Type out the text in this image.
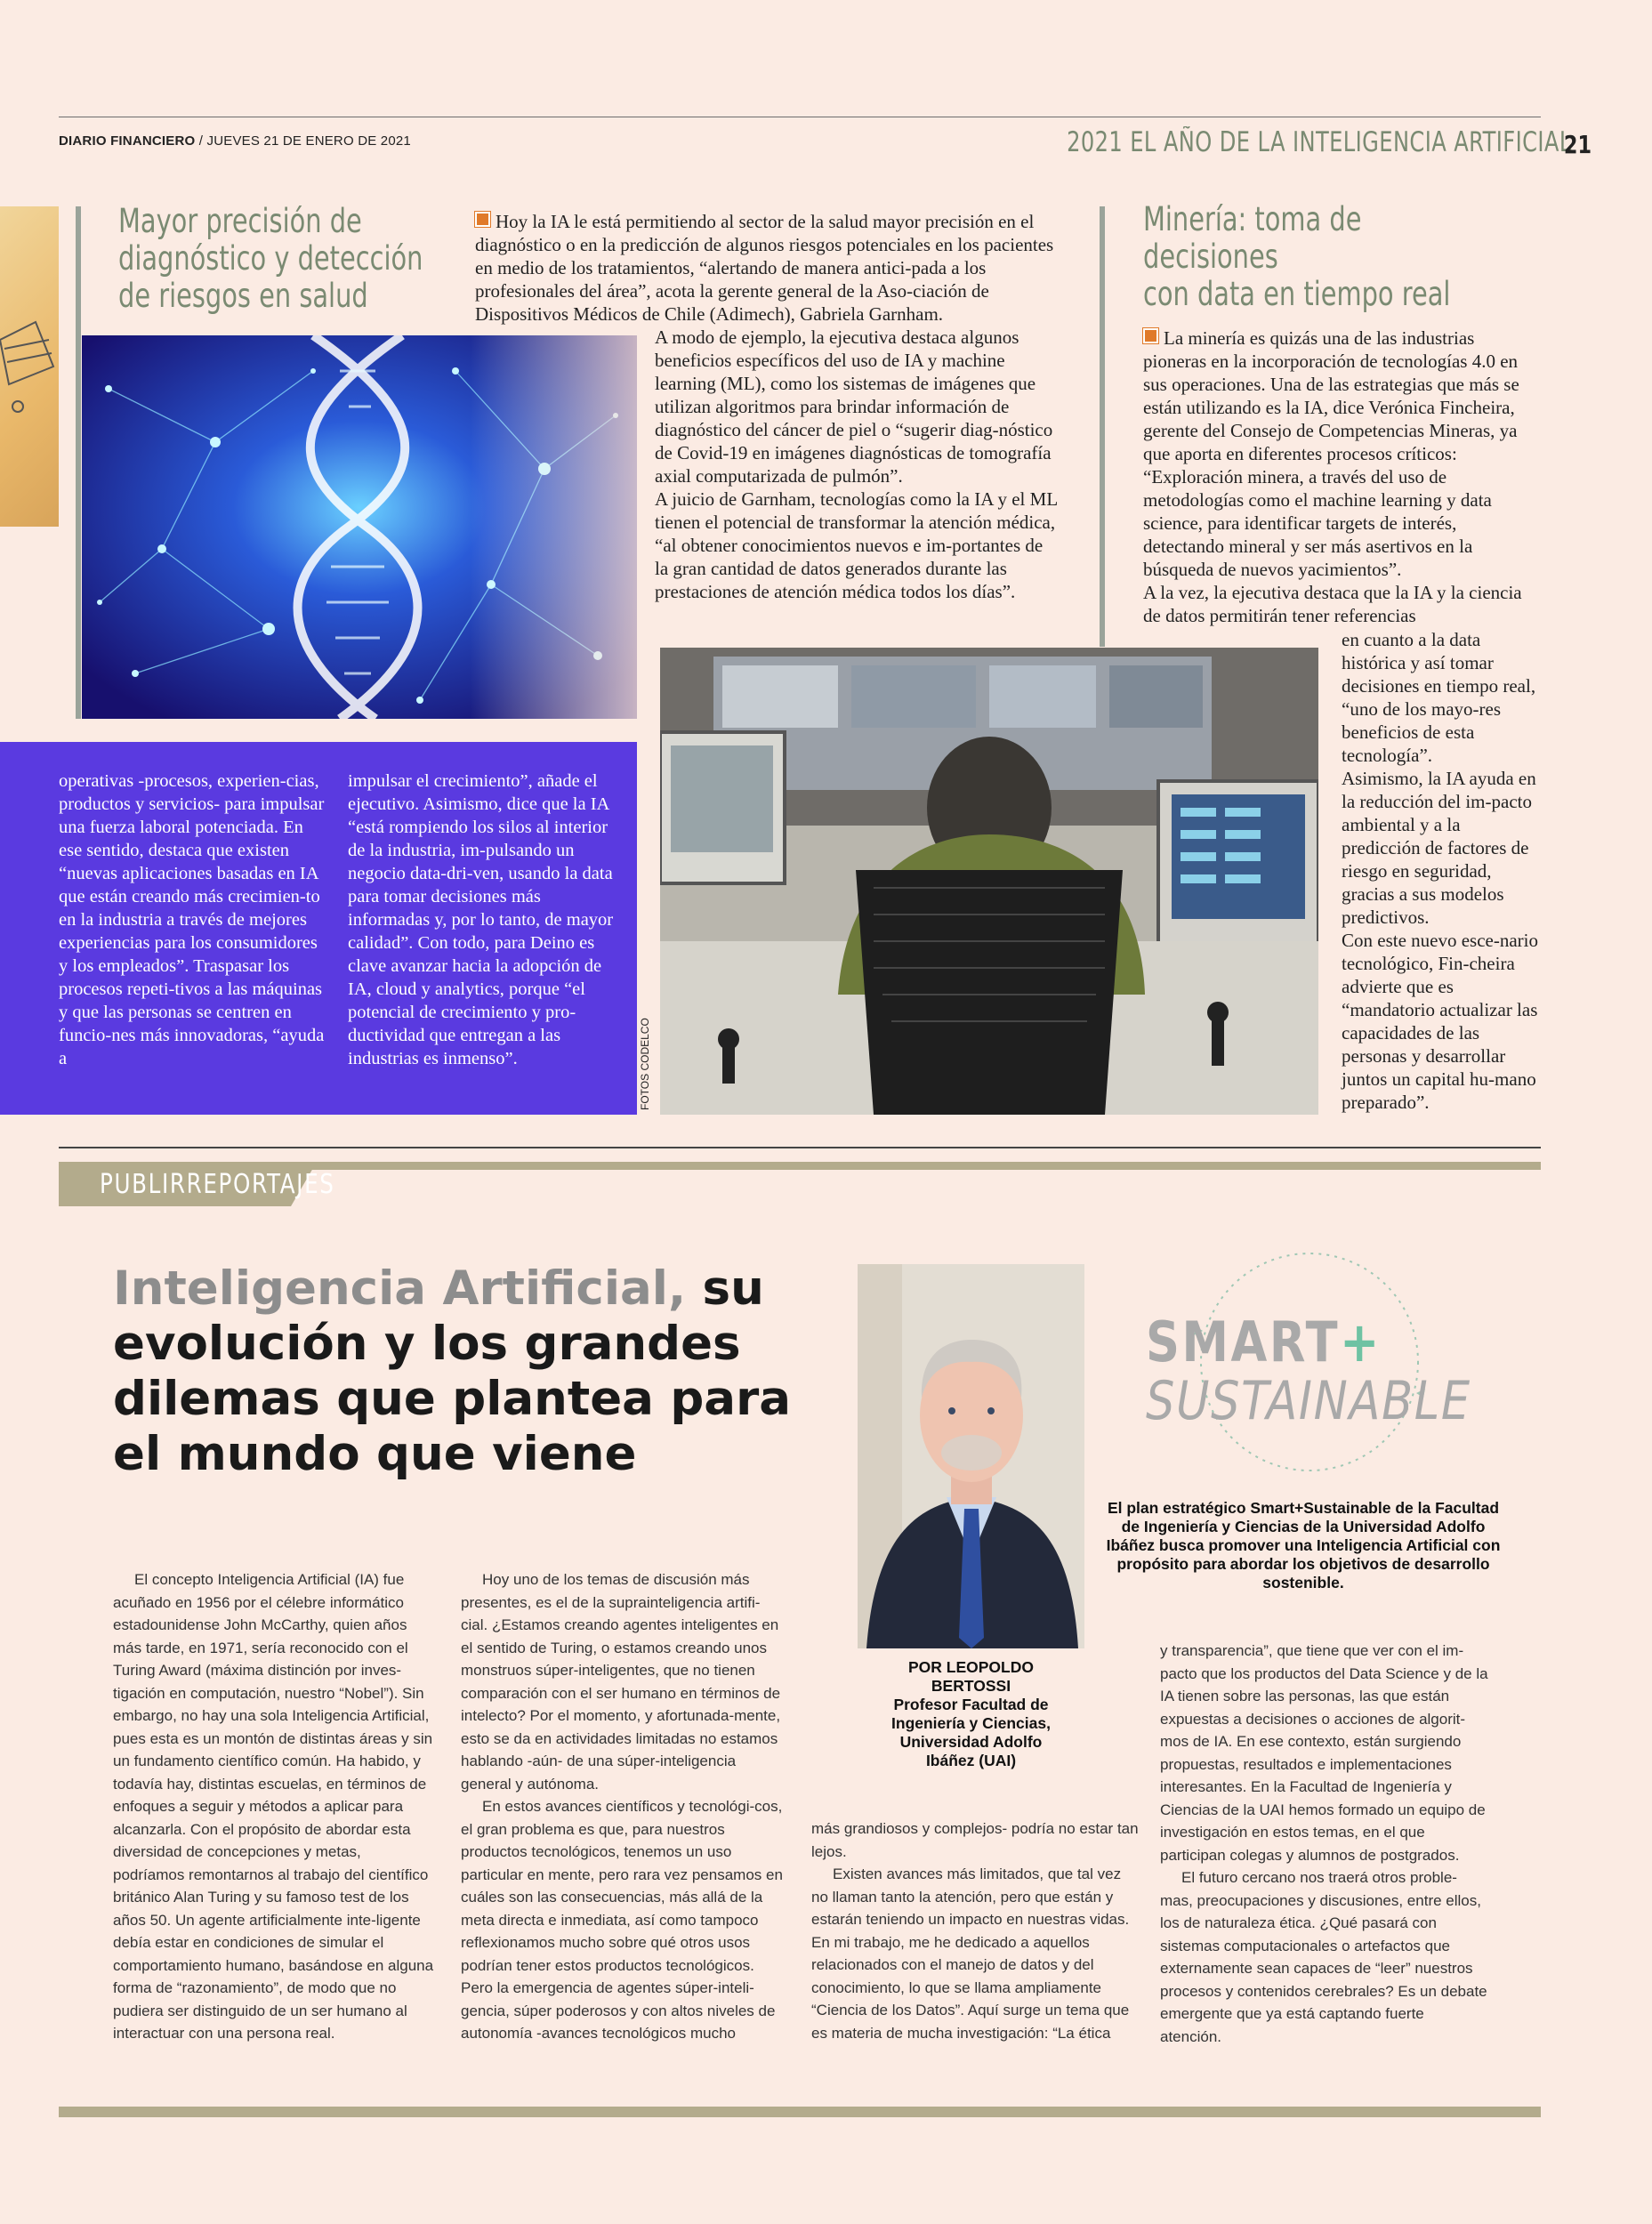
DIARIO FINANCIERO / JUEVES 21 DE ENERO DE 2021	2021 EL AÑO DE LA INTELIGENCIA ARTIFICIAL
21
Mayor precisión de
diagnóstico y detección
de riesgos en salud

Hoy la IA le está permitiendo al sector de la salud mayor precisión en el diagnóstico o en la predicción de algunos riesgos potenciales en los pacientes en medio de los tratamientos, “alertando de manera antici-pada a los profesionales del área”, acota la gerente general de la Aso-ciación de Dispositivos Médicos de Chile (Adimech), Gabriela Garnham.

A modo de ejemplo, la ejecutiva destaca algunos beneficios específicos del uso de IA y machine learning (ML), como los sistemas de imágenes que utilizan algoritmos para brindar información de diagnóstico del cáncer de piel o “sugerir diag-nóstico de Covid-19 en imágenes diagnósticas de tomografía axial computarizada de pulmón”.

A juicio de Garnham, tecnologías como la IA y el ML tienen el potencial de transformar la atención médica, “al obtener conocimientos nuevos e im-portantes de la gran cantidad de datos generados durante las prestaciones de atención médica todos los días”.

operativas -procesos, experien-cias, productos y servicios- para impulsar una fuerza laboral potenciada. En ese sentido, destaca que existen “nuevas aplicaciones basadas en IA que están creando más crecimien-to en la industria a través de mejores experiencias para los consumidores y los empleados”. Traspasar los procesos repeti-tivos a las máquinas y que las personas se centren en funcio-nes más innovadoras, “ayuda a

impulsar el crecimiento”, añade el ejecutivo. Asimismo, dice que la IA “está rompiendo los silos al interior de la industria, im-pulsando un negocio data-dri-ven, usando la data para tomar decisiones más informadas y, por lo tanto, de mayor calidad”. Con todo, para Deino es clave avanzar hacia la adopción de IA, cloud y analytics, porque “el potencial de crecimiento y pro-ductividad que entregan a las industrias es inmenso”.

Minería: toma de decisiones
con data en tiempo real

La minería es quizás una de las industrias pioneras en la incorporación de tecnologías 4.0 en sus operaciones. Una de las estrategias que más se están utilizando es la IA, dice Verónica Fincheira, gerente del Consejo de Competencias Mineras, ya que aporta en diferentes procesos críticos: “Exploración minera, a través del uso de metodologías como el machine learning y data science, para identificar targets de interés, detectando mineral y ser más asertivos en la búsqueda de nuevos yacimientos”.

A la vez, la ejecutiva destaca que la IA y la ciencia de datos permitirán tener referencias

en cuanto a la data histórica y así tomar decisiones en tiempo real, “uno de los mayo-res beneficios de esta tecnología”.

Asimismo, la IA ayuda en la reducción del im-pacto ambiental y a la predicción de factores de riesgo en seguridad, gracias a sus modelos predictivos.

Con este nuevo esce-nario tecnológico, Fin-cheira advierte que es “mandatorio actualizar las capacidades de las personas y desarrollar juntos un capital hu-mano preparado”.

FOTOS CODELCO
PUBLIRREPORTAJES
Inteligencia Artificial, su evolución y los grandes dilemas que plantea para el mundo que viene
POR LEOPOLDO
BERTOSSI
Profesor Facultad de
Ingeniería y Ciencias,
Universidad Adolfo
Ibáñez (UAI)
SMART+
SUSTAINABLE
El plan estratégico Smart+Sustainable de la Facultad de Ingeniería y Ciencias de la Universidad Adolfo Ibáñez busca promover una Inteligencia Artificial con propósito para abordar los objetivos de desarrollo sostenible.

El concepto Inteligencia Artificial (IA) fue acuñado en 1956 por el célebre informático estadounidense John McCarthy, quien años más tarde, en 1971, sería reconocido con el Turing Award (máxima distinción por inves-tigación en computación, nuestro “Nobel”). Sin embargo, no hay una sola Inteligencia Artificial, pues esta es un montón de distintas áreas y sin un fundamento científico común. Ha habido, y todavía hay, distintas escuelas, en términos de enfoques a seguir y métodos a aplicar para alcanzarla. Con el propósito de abordar esta diversidad de concepciones y metas, podríamos remontarnos al trabajo del científico británico Alan Turing y su famoso test de los años 50. Un agente artificialmente inte-ligente debía estar en condiciones de simular el comportamiento humano, basándose en alguna forma de “razonamiento”, de modo que no pudiera ser distinguido de un ser humano al interactuar con una persona real.

Hoy uno de los temas de discusión más presentes, es el de la suprainteligencia artifi-cial. ¿Estamos creando agentes inteligentes en el sentido de Turing, o estamos creando unos monstruos súper-inteligentes, que no tienen comparación con el ser humano en términos de intelecto? Por el momento, y afortunada-mente, esto se da en actividades limitadas no estamos hablando -aún- de una súper-inteligencia general y autónoma.

En estos avances científicos y tecnológi-cos, el gran problema es que, para nuestros productos tecnológicos, tenemos un uso particular en mente, pero rara vez pensamos en cuáles son las consecuencias, más allá de la meta directa e inmediata, así como tampoco reflexionamos mucho sobre qué otros usos podrían tener estos productos tecnológicos. Pero la emergencia de agentes súper-inteli-gencia, súper poderosos y con altos niveles de autonomía -avances tecnológicos mucho

más grandiosos y complejos- podría no estar tan lejos.

Existen avances más limitados, que tal vez no llaman tanto la atención, pero que están y estarán teniendo un impacto en nuestras vidas. En mi trabajo, me he dedicado a aquellos relacionados con el manejo de datos y del conocimiento, lo que se llama ampliamente “Ciencia de los Datos”. Aquí surge un tema que es materia de mucha investigación: “La ética

y transparencia”, que tiene que ver con el im-pacto que los productos del Data Science y de la IA tienen sobre las personas, las que están expuestas a decisiones o acciones de algorit-mos de IA. En ese contexto, están surgiendo propuestas, resultados e implementaciones interesantes. En la Facultad de Ingeniería y Ciencias de la UAI hemos formado un equipo de investigación en estos temas, en el que participan colegas y alumnos de postgrados.

El futuro cercano nos traerá otros proble-mas, preocupaciones y discusiones, entre ellos, los de naturaleza ética. ¿Qué pasará con sistemas computacionales o artefactos que externamente sean capaces de “leer” nuestros procesos y contenidos cerebrales? Es un debate emergente que ya está captando fuerte atención.
